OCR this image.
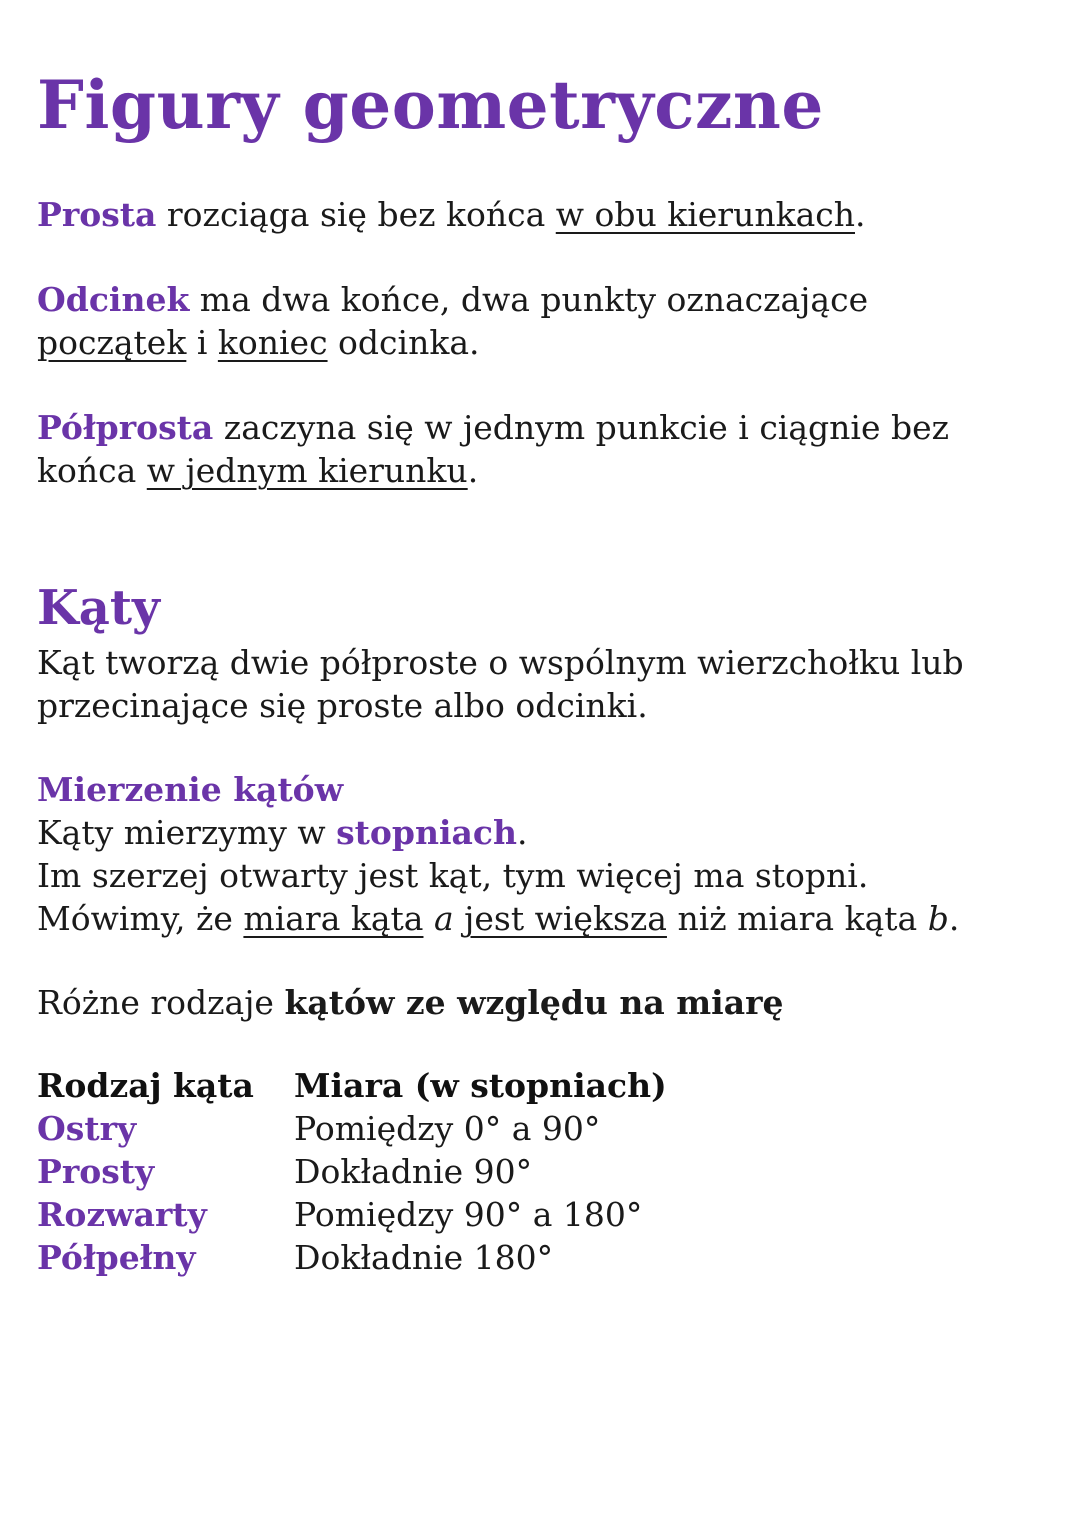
Figury geometryczne

Prosta rozciąga się bez końca w obu kierunkach.

Odcinek ma dwa końce, dwa punkty oznaczające
początek i koniec odcinka.

Półprosta zaczyna się w jednym punkcie i ciągnie bez
końca w jednym kierunku.

Kąty

Kąt tworzą dwie półproste o wspólnym wierzchołku lub
przecinające się proste albo odcinki.

Mierzenie kątów
Kąty mierzymy w stopniach.
Im szerzej otwarty jest kąt, tym więcej ma stopni.
Mówimy, że miara kąta a jest większa niż miara kąta b.

Różne rodzaje kątów ze względu na miarę

Rodzaj kąta	Miara (w stopniach)
Ostry	Pomiędzy 0° a 90°
Prosty	Dokładnie 90°
Rozwarty	Pomiędzy 90° a 180°
Półpełny	Dokładnie 180°
